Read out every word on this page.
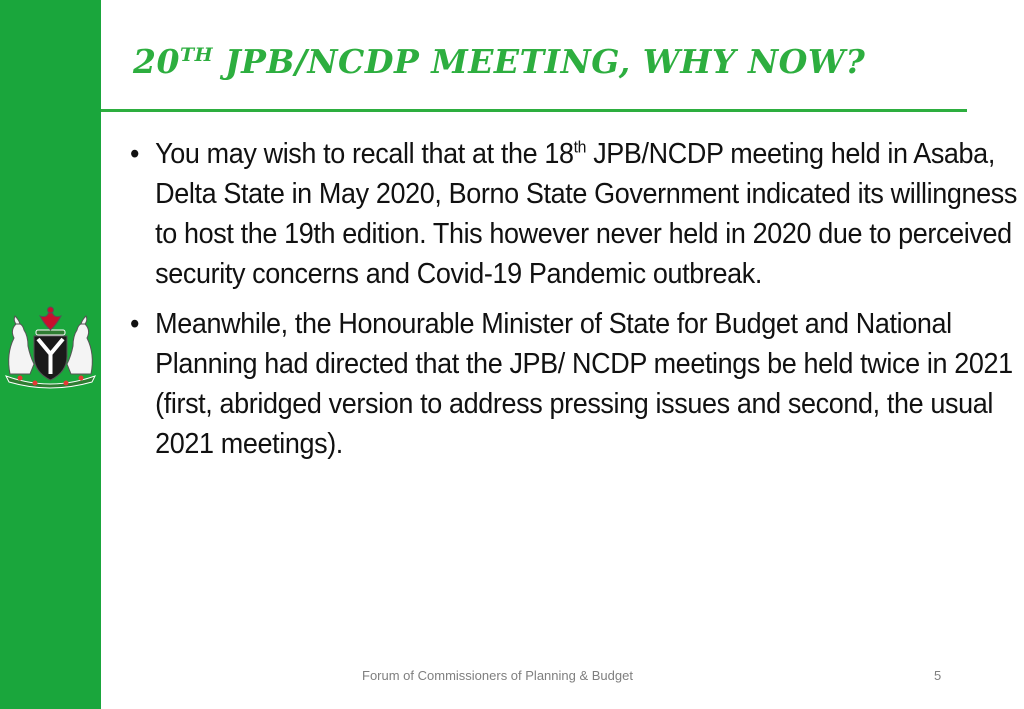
20TH JPB/NCDP MEETING, WHY NOW?
• You may wish to recall that at the 18th JPB/NCDP meeting held in Asaba, Delta State in May 2020, Borno State Government indicated its willingness to host the 19th edition. This however never held in 2020 due to perceived security concerns and Covid-19 Pandemic outbreak.
• Meanwhile, the Honourable Minister of State for Budget and National Planning had directed that the JPB/ NCDP meetings be held twice in 2021 (first, abridged version to address pressing issues and second, the usual 2021 meetings).
Forum of Commissioners of Planning & Budget	5
